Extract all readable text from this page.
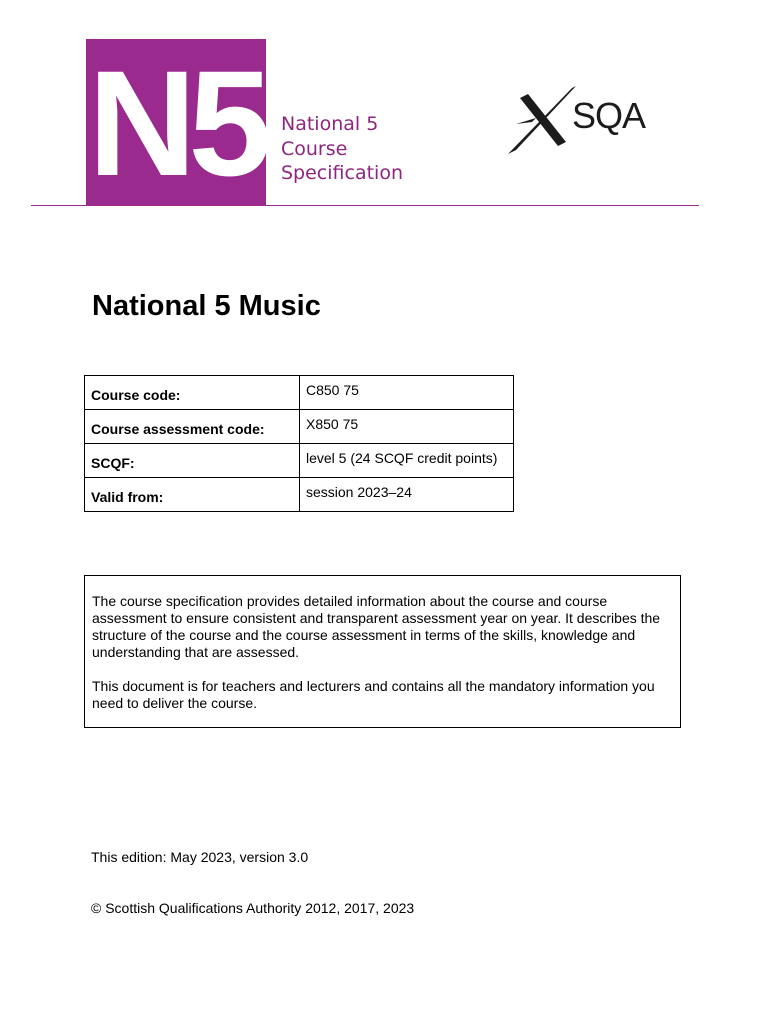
N5 National 5
Course
Specification
SQA
National 5 Music
Course code:	C850 75
Course assessment code:	X850 75
SCQF:	level 5 (24 SCQF credit points)
Valid from:	session 2023–24

The course specification provides detailed information about the course and course assessment to ensure consistent and transparent assessment year on year. It describes the structure of the course and the course assessment in terms of the skills, knowledge and understanding that are assessed.

This document is for teachers and lecturers and contains all the mandatory information you need to deliver the course.

This edition: May 2023, version 3.0
© Scottish Qualifications Authority 2012, 2017, 2023
